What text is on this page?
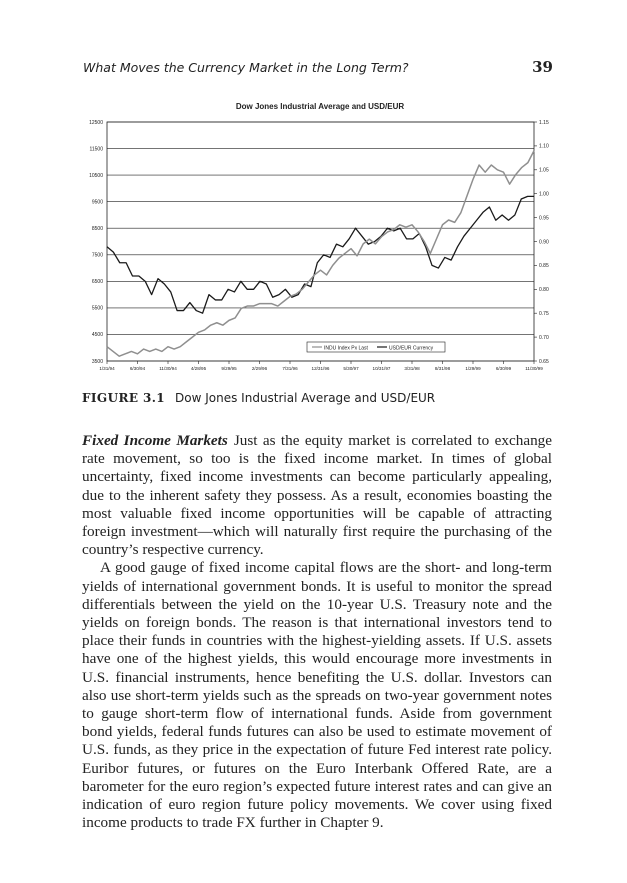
What Moves the Currency Market in the Long Term?	39
Dow Jones Industrial Average and USD/EUR
12500
11500
10500
9500
8500
7500
6500
5500
4500
3500
1.15
1.10
1.05
1.00
0.95
0.90
0.85
0.80
0.75
0.70
0.65
1/31/94	6/30/94	11/30/94	4/28/95	9/29/95	2/29/96	7/31/96	12/31/96	5/30/97	10/31/97	3/31/98	8/31/98	1/29/99	6/30/99	11/30/99
INDU Index Px Last	USD/EUR Currency
FIGURE 3.1 Dow Jones Industrial Average and USD/EUR

Fixed Income Markets Just as the equity market is correlated to exchange rate movement, so too is the fixed income market. In times of global uncertainty, fixed income investments can become particularly appealing, due to the inherent safety they possess. As a result, economies boasting the most valuable fixed income opportunities will be capable of attracting foreign investment—which will naturally first require the purchasing of the country’s respective currency.

A good gauge of fixed income capital flows are the short- and long-term yields of international government bonds. It is useful to monitor the spread differentials between the yield on the 10-year U.S. Treasury note and the yields on foreign bonds. The reason is that international investors tend to place their funds in countries with the highest-yielding assets. If U.S. assets have one of the highest yields, this would encourage more investments in U.S. financial instruments, hence benefiting the U.S. dollar. Investors can also use short-term yields such as the spreads on two-year government notes to gauge short-term flow of international funds. Aside from government bond yields, federal funds futures can also be used to estimate movement of U.S. funds, as they price in the expectation of future Fed interest rate policy. Euribor futures, or futures on the Euro Interbank Offered Rate, are a barometer for the euro region’s expected future interest rates and can give an indication of euro region future policy movements. We cover using fixed income products to trade FX further in Chapter 9.
